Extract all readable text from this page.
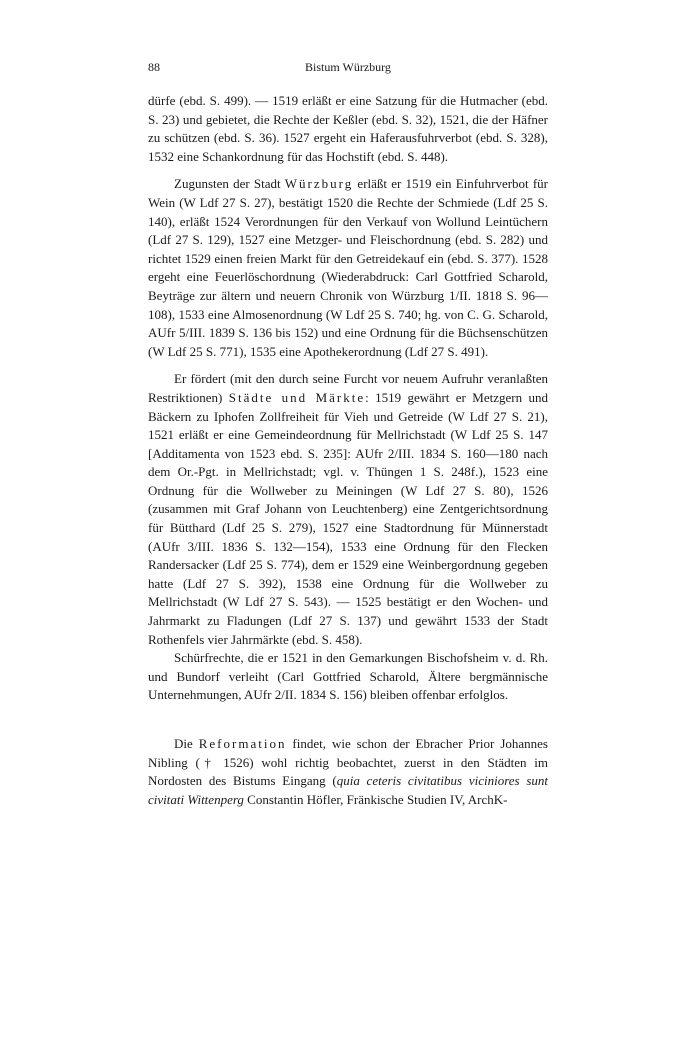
88	Bistum Würzburg

dürfe (ebd. S. 499). — 1519 erläßt er eine Satzung für die Hutmacher (ebd. S. 23) und gebietet, die Rechte der Keßler (ebd. S. 32), 1521, die der Häfner zu schützen (ebd. S. 36). 1527 ergeht ein Haferausfuhrverbot (ebd. S. 328), 1532 eine Schankordnung für das Hochstift (ebd. S. 448).

Zugunsten der Stadt Würzburg erläßt er 1519 ein Einfuhrverbot für Wein (W Ldf 27 S. 27), bestätigt 1520 die Rechte der Schmiede (Ldf 25 S. 140), erläßt 1524 Verordnungen für den Verkauf von Wollund Leintüchern (Ldf 27 S. 129), 1527 eine Metzger- und Fleischordnung (ebd. S. 282) und richtet 1529 einen freien Markt für den Getreidekauf ein (ebd. S. 377). 1528 ergeht eine Feuerlöschordnung (Wiederabdruck: Carl Gottfried Scharold, Beyträge zur ältern und neuern Chronik von Würzburg 1/II. 1818 S. 96—108), 1533 eine Almosenordnung (W Ldf 25 S. 740; hg. von C. G. Scharold, AUfr 5/III. 1839 S. 136 bis 152) und eine Ordnung für die Büchsenschützen (W Ldf 25 S. 771), 1535 eine Apothekerordnung (Ldf 27 S. 491).

Er fördert (mit den durch seine Furcht vor neuem Aufruhr veranlaßten Restriktionen) Städte und Märkte: 1519 gewährt er Metzgern und Bäckern zu Iphofen Zollfreiheit für Vieh und Getreide (W Ldf 27 S. 21), 1521 erläßt er eine Gemeindeordnung für Mellrichstadt (W Ldf 25 S. 147 [Additamenta von 1523 ebd. S. 235]: AUfr 2/III. 1834 S. 160—180 nach dem Or.-Pgt. in Mellrichstadt; vgl. v. Thüngen 1 S. 248f.), 1523 eine Ordnung für die Wollweber zu Meiningen (W Ldf 27 S. 80), 1526 (zusammen mit Graf Johann von Leuchtenberg) eine Zentgerichtsordnung für Bütthard (Ldf 25 S. 279), 1527 eine Stadtordnung für Münnerstadt (AUfr 3/III. 1836 S. 132—154), 1533 eine Ordnung für den Flecken Randersacker (Ldf 25 S. 774), dem er 1529 eine Weinbergordnung gegeben hatte (Ldf 27 S. 392), 1538 eine Ordnung für die Wollweber zu Mellrichstadt (W Ldf 27 S. 543). — 1525 bestätigt er den Wochen- und Jahrmarkt zu Fladungen (Ldf 27 S. 137) und gewährt 1533 der Stadt Rothenfels vier Jahrmärkte (ebd. S. 458).

Schürfrechte, die er 1521 in den Gemarkungen Bischofsheim v. d. Rh. und Bundorf verleiht (Carl Gottfried Scharold, Ältere bergmännische Unternehmungen, AUfr 2/II. 1834 S. 156) bleiben offenbar erfolglos.

Die Reformation findet, wie schon der Ebracher Prior Johannes Nibling († 1526) wohl richtig beobachtet, zuerst in den Städten im Nordosten des Bistums Eingang (quia ceteris civitatibus viciniores sunt civitati Wittenperg Constantin Höfler, Fränkische Studien IV, ArchK-
